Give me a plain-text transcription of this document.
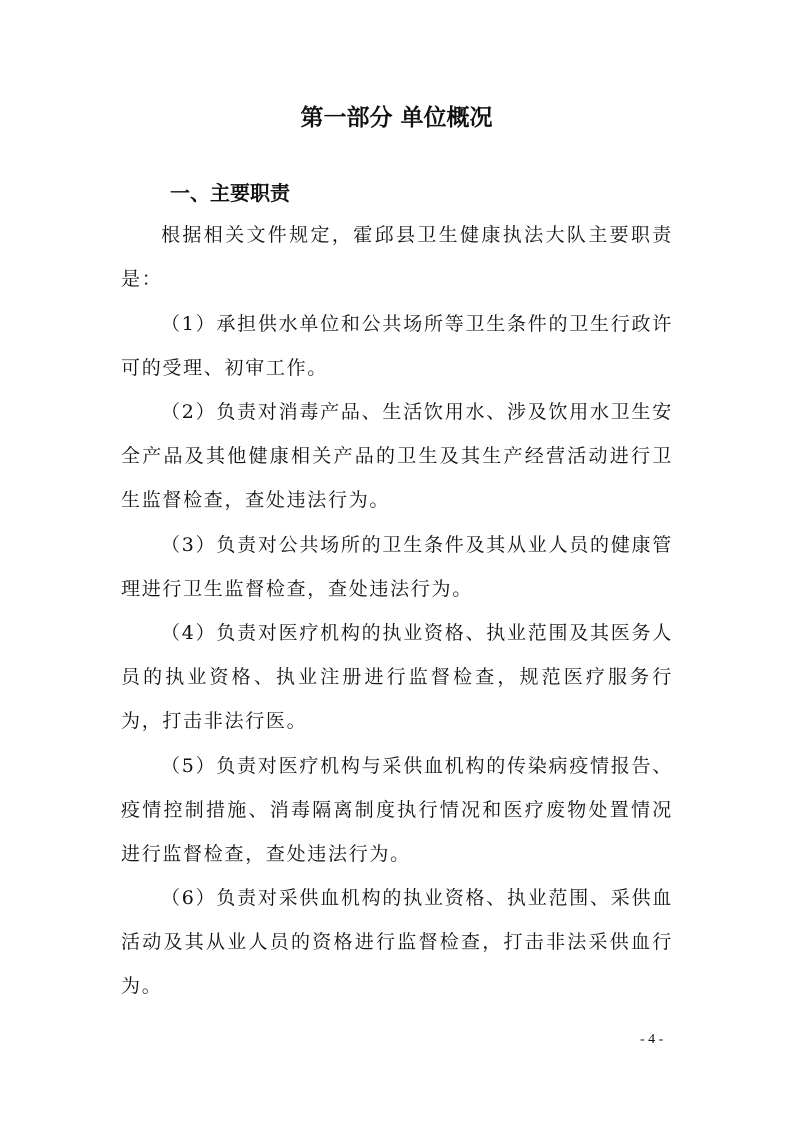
第一部分 单位概况
一、主要职责

根据相关文件规定，霍邱县卫生健康执法大队主要职责是：

（1）承担供水单位和公共场所等卫生条件的卫生行政许可的受理、初审工作。

（2）负责对消毒产品、生活饮用水、涉及饮用水卫生安全产品及其他健康相关产品的卫生及其生产经营活动进行卫生监督检查，查处违法行为。

（3）负责对公共场所的卫生条件及其从业人员的健康管理进行卫生监督检查，查处违法行为。

（4）负责对医疗机构的执业资格、执业范围及其医务人员的执业资格、执业注册进行监督检查，规范医疗服务行为，打击非法行医。

（5）负责对医疗机构与采供血机构的传染病疫情报告、疫情控制措施、消毒隔离制度执行情况和医疗废物处置情况进行监督检查，查处违法行为。

（6）负责对采供血机构的执业资格、执业范围、采供血活动及其从业人员的资格进行监督检查，打击非法采供血行为。

- 4 -
